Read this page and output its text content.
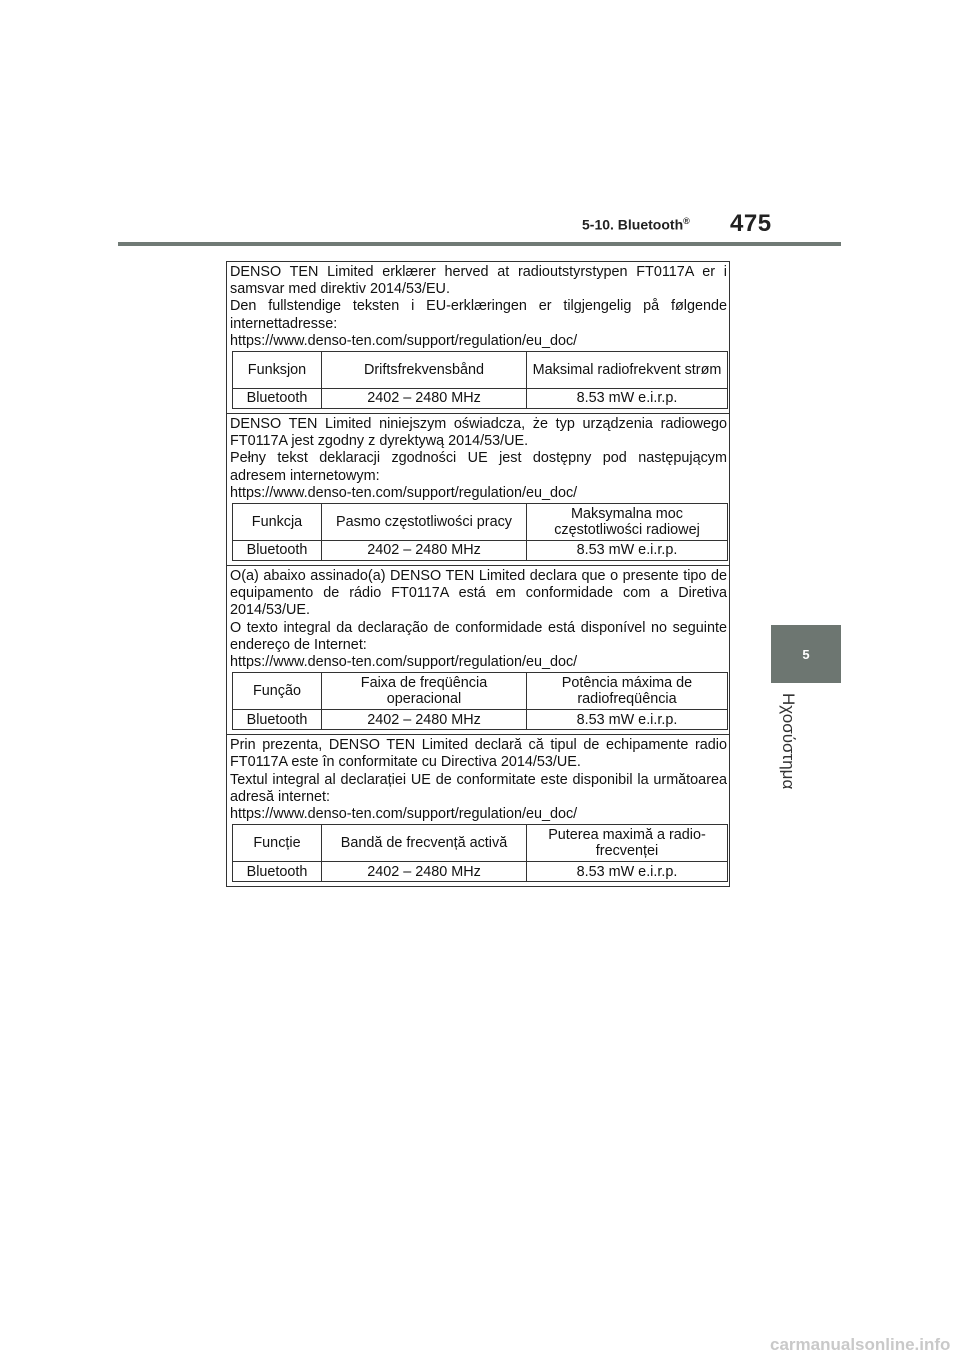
5-10. Bluetooth® 475
5
Ηχοσύστημα

DENSO TEN Limited erklærer herved at radioutstyrstypen FT0117A er i samsvar med direktiv 2014/53/EU.

Den fullstendige teksten i EU-erklæringen er tilgjengelig på følgende internettadresse:

https://www.denso-ten.com/support/regulation/eu_doc/

Funksjon	Driftsfrekvensbånd	Maksimal radiofrekvent strøm
Bluetooth	2402 – 2480 MHz	8.53 mW e.i.r.p.

DENSO TEN Limited niniejszym oświadcza, że typ urządzenia radiowego FT0117A jest zgodny z dyrektywą 2014/53/UE.

Pełny tekst deklaracji zgodności UE jest dostępny pod następującym adresem internetowym:

https://www.denso-ten.com/support/regulation/eu_doc/

Funkcja	Pasmo częstotliwości pracy	Maksymalna moc częstotliwości radiowej
Bluetooth	2402 – 2480 MHz	8.53 mW e.i.r.p.

O(a) abaixo assinado(a) DENSO TEN Limited declara que o presente tipo de equipamento de rádio FT0117A está em conformidade com a Diretiva 2014/53/UE.

O texto integral da declaração de conformidade está disponível no seguinte endereço de Internet:

https://www.denso-ten.com/support/regulation/eu_doc/

Função	Faixa de freqüência operacional	Potência máxima de radiofreqüência
Bluetooth	2402 – 2480 MHz	8.53 mW e.i.r.p.

Prin prezenta, DENSO TEN Limited declară că tipul de echipamente radio FT0117A este în conformitate cu Directiva 2014/53/UE.

Textul integral al declarației UE de conformitate este disponibil la următoarea adresă internet:

https://www.denso-ten.com/support/regulation/eu_doc/

Funcție	Bandă de frecvență activă	Puterea maximă a radio-frecvenței
Bluetooth	2402 – 2480 MHz	8.53 mW e.i.r.p.
carmanualsonline.info
